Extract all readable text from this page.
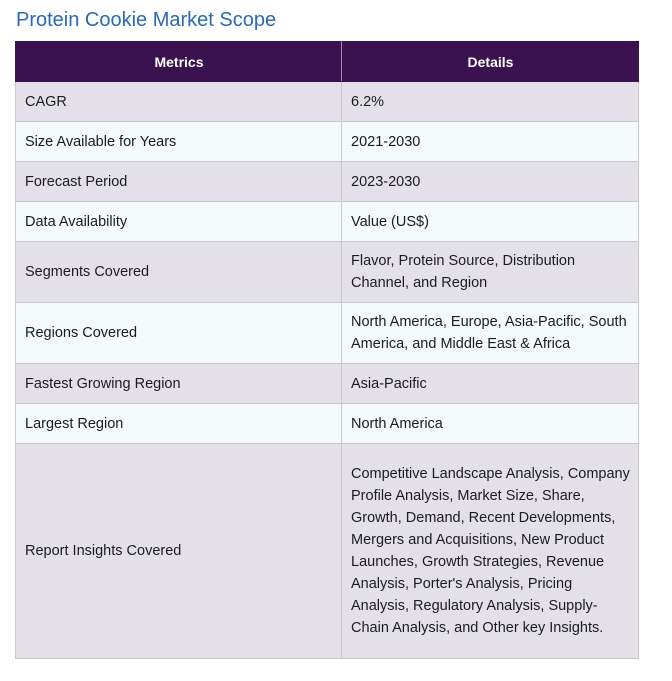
Protein Cookie Market Scope
Metrics	Details
CAGR	6.2%
Size Available for Years	2021-2030
Forecast Period	2023-2030
Data Availability	Value (US$)
Segments Covered	Flavor, Protein Source, Distribution Channel, and Region
Regions Covered	North America, Europe, Asia-Pacific, South America, and Middle East & Africa
Fastest Growing Region	Asia-Pacific
Largest Region	North America
Report Insights Covered	Competitive Landscape Analysis, Company Profile Analysis, Market Size, Share, Growth, Demand, Recent Developments, Mergers and Acquisitions, New Product Launches, Growth Strategies, Revenue Analysis, Porter's Analysis, Pricing Analysis, Regulatory Analysis, Supply-Chain Analysis, and Other key Insights.
